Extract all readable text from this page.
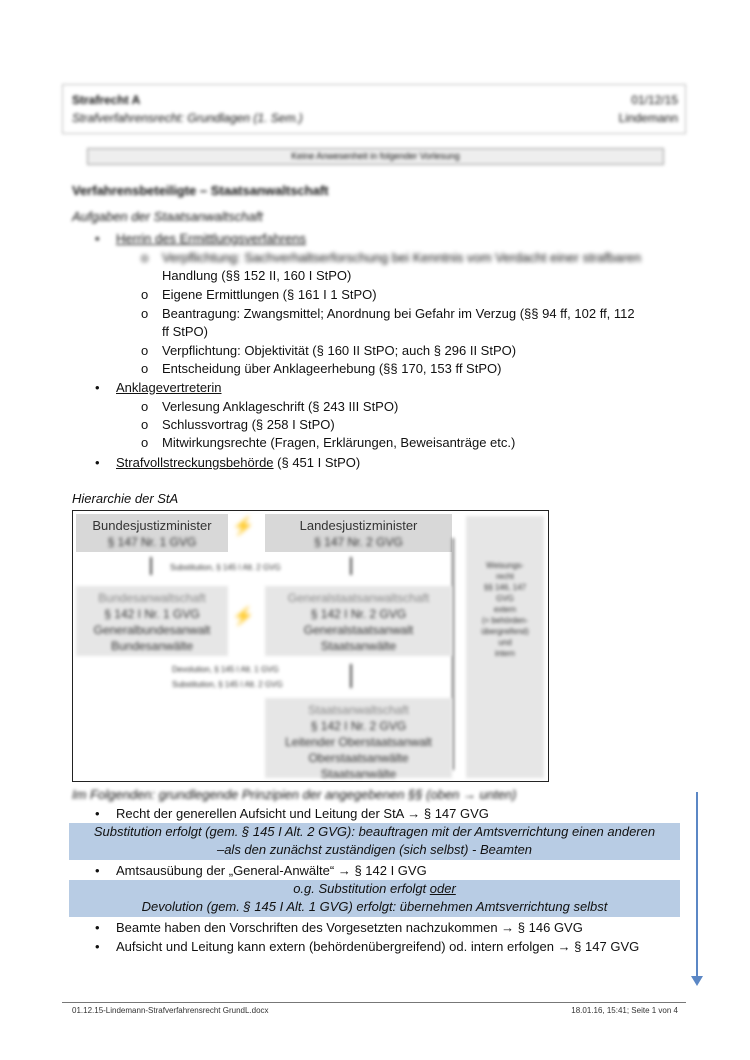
Strafrecht A
Strafverfahrensrecht: Grundlagen (1. Sem.)
01/12/15
Lindemann
Keine Anwesenheit in folgender Vorlesung
Verfahrensbeteiligte – Staatsanwaltschaft
Aufgaben der Staatsanwaltschaft
• Herrin des Ermittlungsverfahrens
o Verpflichtung: Sachverhaltserforschung bei Kenntnis vom Verdacht einer strafbaren
Handlung (§§ 152 II, 160 I StPO)
o Eigene Ermittlungen (§ 161 I 1 StPO)
o Beantragung: Zwangsmittel; Anordnung bei Gefahr im Verzug (§§ 94 ff, 102 ff, 112
ff StPO)
o Verpflichtung: Objektivität (§ 160 II StPO; auch § 296 II StPO)
o Entscheidung über Anklageerhebung (§§ 170, 153 ff StPO)
• Anklagevertreterin
o Verlesung Anklageschrift (§ 243 III StPO)
o Schlussvortrag (§ 258 I StPO)
o Mitwirkungsrechte (Fragen, Erklärungen, Beweisanträge etc.)
• Strafvollstreckungsbehörde (§ 451 I StPO)
Hierarchie der StA
Bundesjustizminister
§ 147 Nr. 1 GVG
⚡	Landesjustizminister
§ 147 Nr. 2 GVG
Weisungs-
recht
§§ 146, 147
GVG
extern
(= behörden-
übergreifend)
und
intern
Substitution, § 145 I Alt. 2 GVG
Bundesanwaltschaft
§ 142 I Nr. 1 GVG
Generalbundesanwalt
Bundesanwälte
⚡
Generalstaatsanwaltschaft
§ 142 I Nr. 2 GVG
Generalstaatsanwalt
Staatsanwälte
Devolution, § 145 I Alt. 1 GVG
Substitution, § 145 I Alt. 2 GVG
Staatsanwaltschaft
§ 142 I Nr. 2 GVG
Leitender Oberstaatsanwalt
Oberstaatsanwälte
Staatsanwälte
Im Folgenden: grundlegende Prinzipien der angegebenen §§ (oben → unten)
• Recht der generellen Aufsicht und Leitung der StA → § 147 GVG
Substitution erfolgt (gem. § 145 I Alt. 2 GVG): beauftragen mit der Amtsverrichtung einen anderen
–als den zunächst zuständigen (sich selbst) - Beamten
• Amtsausübung der „General-Anwälte“ → § 142 I GVG
o.g. Substitution erfolgt oder
Devolution (gem. § 145 I Alt. 1 GVG) erfolgt: übernehmen Amtsverrichtung selbst
• Beamte haben den Vorschriften des Vorgesetzten nachzukommen → § 146 GVG
• Aufsicht und Leitung kann extern (behördenübergreifend) od. intern erfolgen → § 147 GVG
01.12.15-Lindemann-Strafverfahrensrecht GrundL.docx	18.01.16, 15:41; Seite 1 von 4
